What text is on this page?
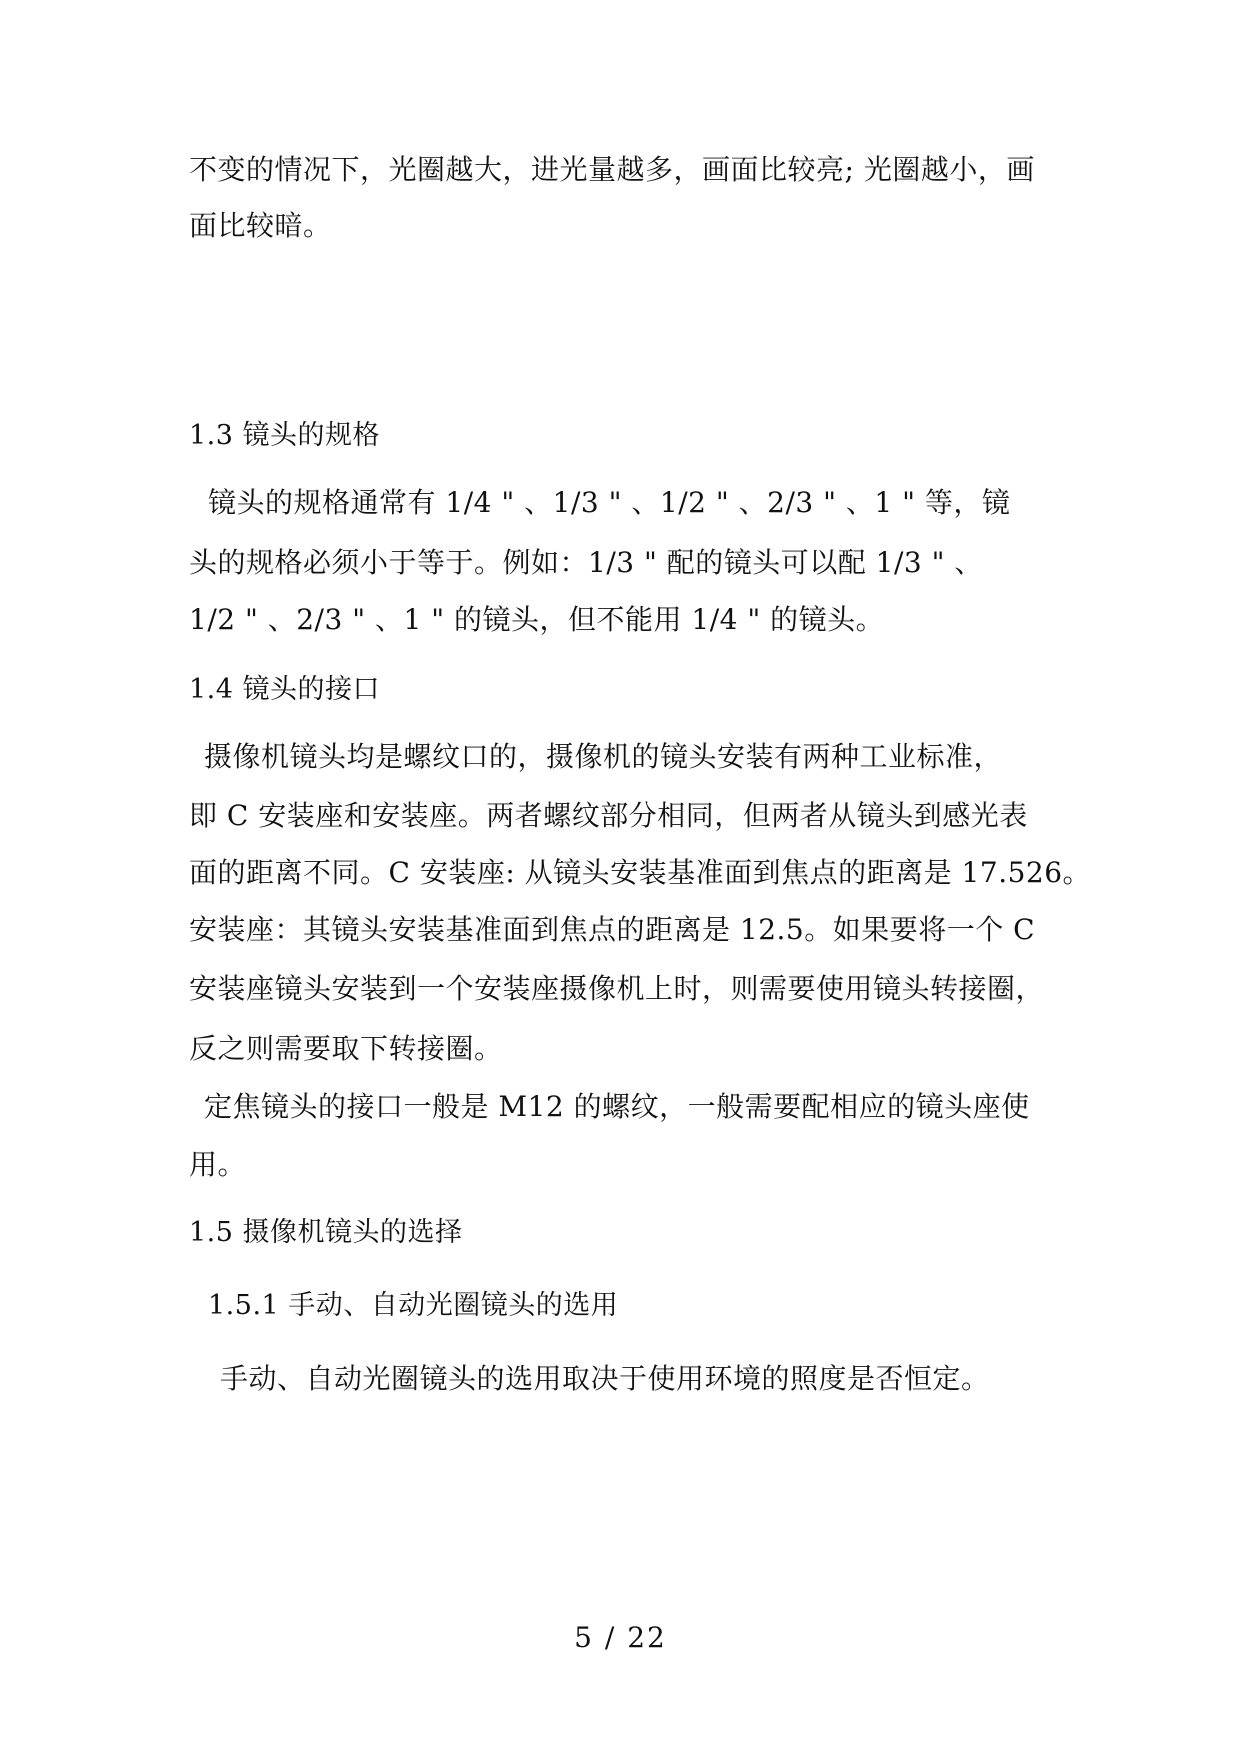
不变的情况下，光圈越大，进光量越多，画面比较亮; 光圈越小，画
面比较暗。
1.3 镜头的规格
镜头的规格通常有 1/4 " 、1/3 " 、1/2 " 、2/3 " 、1 " 等，镜
头的规格必须小于等于。例如：1/3 " 配的镜头可以配 1/3 " 、
1/2 " 、2/3 " 、1 " 的镜头，但不能用 1/4 " 的镜头。
1.4 镜头的接口
摄像机镜头均是螺纹口的，摄像机的镜头安装有两种工业标准，
即 C 安装座和安装座。两者螺纹部分相同，但两者从镜头到感光表
面的距离不同。C 安装座: 从镜头安装基准面到焦点的距离是 17.526。
安装座：其镜头安装基准面到焦点的距离是 12.5。如果要将一个 C
安装座镜头安装到一个安装座摄像机上时，则需要使用镜头转接圈，
反之则需要取下转接圈。
定焦镜头的接口一般是 M12 的螺纹，一般需要配相应的镜头座使
用。
1.5 摄像机镜头的选择
1.5.1 手动、自动光圈镜头的选用
手动、自动光圈镜头的选用取决于使用环境的照度是否恒定。
5 / 22
